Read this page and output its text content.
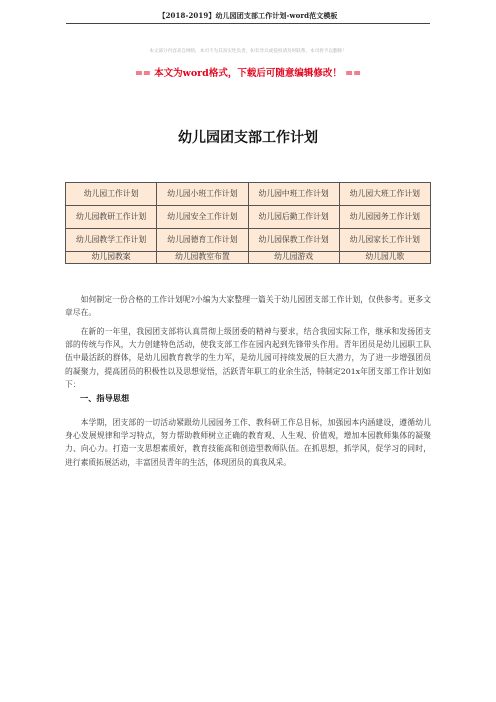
【2018-2019】幼儿园团支部工作计划-word范文模板
本文部分内容来自网络，本司不为其真实性负责，如有异议或侵权请及时联系，本司将予以删除！
== 本文为word格式，下载后可随意编辑修改！ ==
幼儿园团支部工作计划
幼儿园工作计划	幼儿园小班工作计划	幼儿园中班工作计划	幼儿园大班工作计划
幼儿园教研工作计划	幼儿园安全工作计划	幼儿园后勤工作计划	幼儿园园务工作计划
幼儿园教学工作计划	幼儿园德育工作计划	幼儿园保教工作计划	幼儿园家长工作计划
幼儿园教案	幼儿园教室布置	幼儿园游戏	幼儿园儿歌

如何制定一份合格的工作计划呢?小编为大家整理一篇关于幼儿园团支部工作计划，仅供参考。更多文章尽在。

在新的一年里，我园团支部将认真贯彻上级团委的精神与要求，结合我园实际工作，继承和发扬团支部的传统与作风，大力创建特色活动，使我支部工作在园内起到先锋带头作用。青年团员是幼儿园职工队伍中最活跃的群体，是幼儿园教育教学的生力军，是幼儿园可持续发展的巨大潜力，为了进一步增强团员的凝聚力，提高团员的积极性以及思想觉悟，活跃青年职工的业余生活，特制定201x年团支部工作计划如下：

一、指导思想

本学期，团支部的一切活动紧跟幼儿园园务工作、教科研工作总目标，加强园本内涵建设，遵循幼儿身心发展规律和学习特点，努力帮助教师树立正确的教育观、人生观、价值观，增加本园教师集体的凝聚力、向心力。打造一支思想素质好，教育技能高和创造型教师队伍。在抓思想，抓学风，促学习的同时，进行素质拓展活动，丰富团员青年的生活，体现团员的真我风采。
